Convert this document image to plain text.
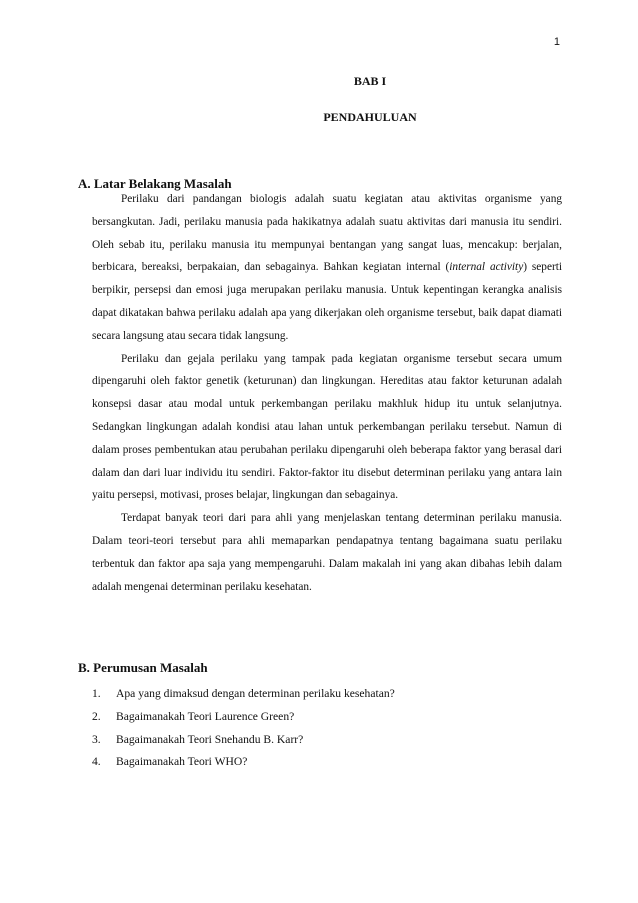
1
BAB I
PENDAHULUAN
A. Latar Belakang Masalah

Perilaku dari pandangan biologis adalah suatu kegiatan atau aktivitas organisme yang bersangkutan. Jadi, perilaku manusia pada hakikatnya adalah suatu aktivitas dari manusia itu sendiri. Oleh sebab itu, perilaku manusia itu mempunyai bentangan yang sangat luas, mencakup: berjalan, berbicara, bereaksi, berpakaian, dan sebagainya. Bahkan kegiatan internal (internal activity) seperti berpikir, persepsi dan emosi juga merupakan perilaku manusia. Untuk kepentingan kerangka analisis dapat dikatakan bahwa perilaku adalah apa yang dikerjakan oleh organisme tersebut, baik dapat diamati secara langsung atau secara tidak langsung.

Perilaku dan gejala perilaku yang tampak pada kegiatan organisme tersebut secara umum dipengaruhi oleh faktor genetik (keturunan) dan lingkungan. Hereditas atau faktor keturunan adalah konsepsi dasar atau modal untuk perkembangan perilaku makhluk hidup itu untuk selanjutnya. Sedangkan lingkungan adalah kondisi atau lahan untuk perkembangan perilaku tersebut. Namun di dalam proses pembentukan atau perubahan perilaku dipengaruhi oleh beberapa faktor yang berasal dari dalam dan dari luar individu itu sendiri. Faktor-faktor itu disebut determinan perilaku yang antara lain yaitu persepsi, motivasi, proses belajar, lingkungan dan sebagainya.

Terdapat banyak teori dari para ahli yang menjelaskan tentang determinan perilaku manusia. Dalam teori-teori tersebut para ahli memaparkan pendapatnya tentang bagaimana suatu perilaku terbentuk dan faktor apa saja yang mempengaruhi. Dalam makalah ini yang akan dibahas lebih dalam adalah mengenai determinan perilaku kesehatan.

B. Perumusan Masalah
1.	Apa yang dimaksud dengan determinan perilaku kesehatan?
2.	Bagaimanakah Teori Laurence Green?
3.	Bagaimanakah Teori Snehandu B. Karr?
4.	Bagaimanakah Teori WHO?
